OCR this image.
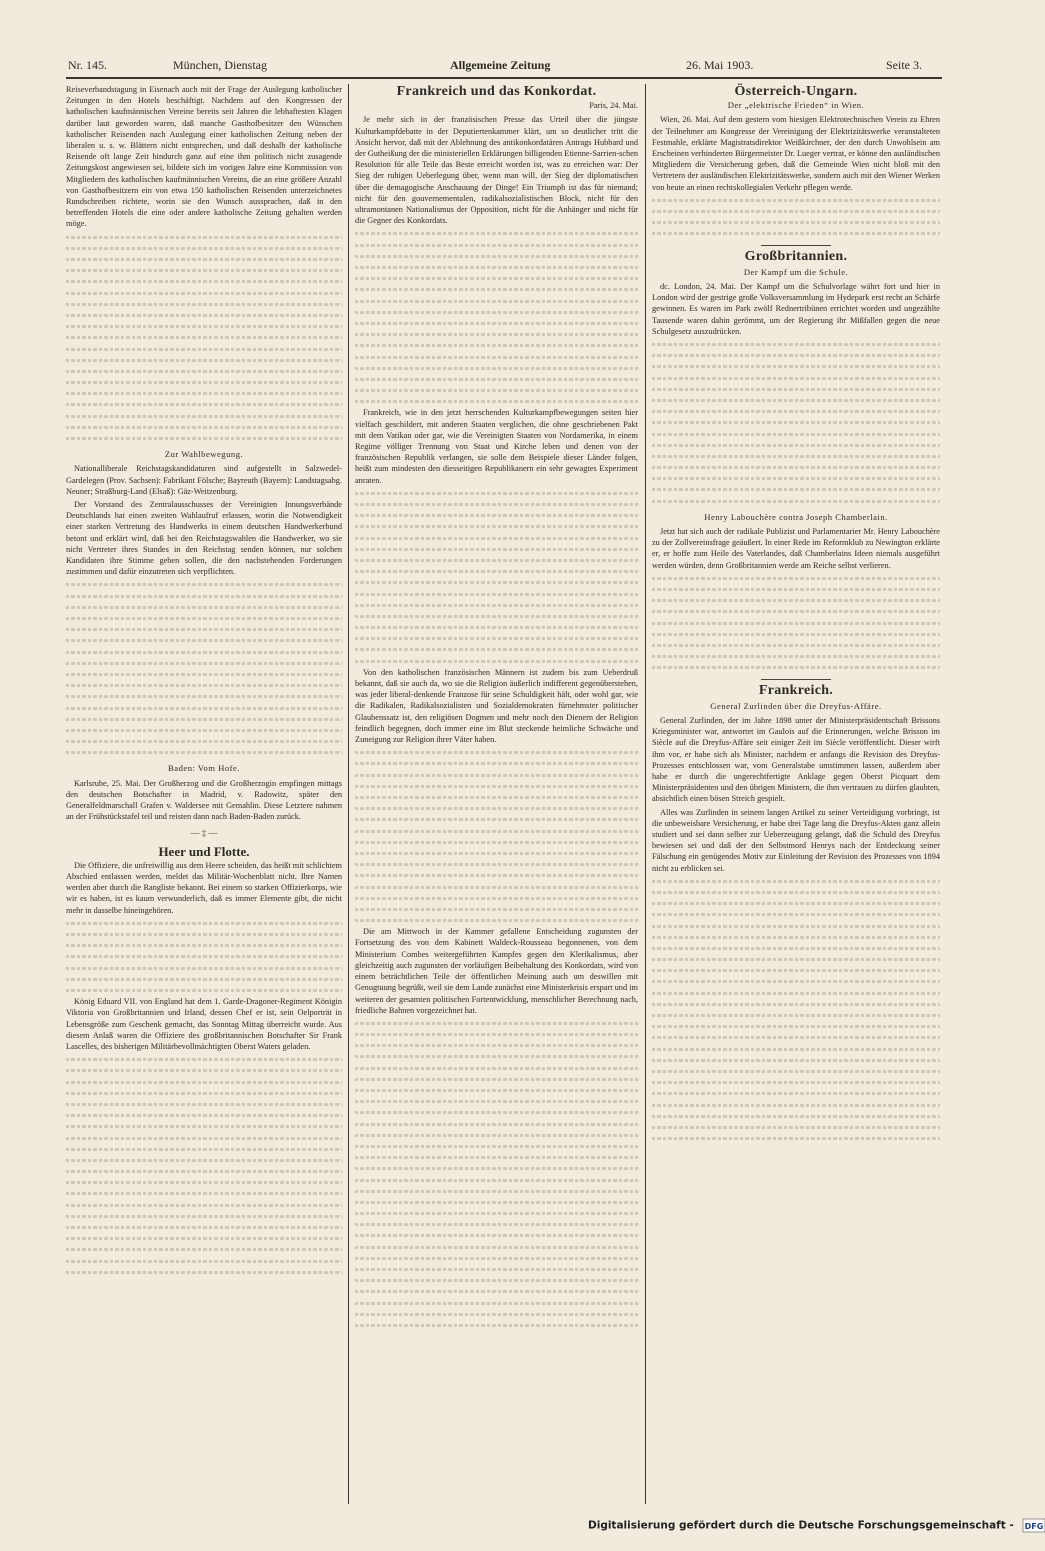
Nr. 145.	München, Dienstag	Allgemeine Zeitung	26. Mai 1903.	Seite 3.

Reiseverbandstagung in Eisenach auch mit der Frage der Auslegung katholischer Zeitungen in den Hotels beschäftigt. Nachdem auf den Kongressen der katholischen kaufmännischen Vereine bereits seit Jahren die lebhaftesten Klagen darüber laut geworden waren, daß manche Gasthofbesitzer den Wünschen katholischer Reisenden nach Auslegung einer katholischen Zeitung neben der liberalen u. s. w. Blättern nicht entsprechen, und daß deshalb der katholische Reisende oft lange Zeit hindurch ganz auf eine ihm politisch nicht zusagende Zeitungskost angewiesen sei, bildete sich im vorigen Jahre eine Kommission von Mitgliedern des katholischen kaufmännischen Vereins, die an eine größere Anzahl von Gasthofbesitzern ein von etwa 150 katholischen Reisenden unterzeichnetes Rundschreiben richtete, worin sie den Wunsch aussprachen, daß in den betreffenden Hotels die eine oder andere katholische Zeitung gehalten werden möge.

Zur Wahlbewegung.

Nationalliberale Reichstagskandidaturen sind aufgestellt in Salzwedel-Gardelegen (Prov. Sachsen): Fabrikant Fölsche; Bayreuth (Bayern): Landstagsabg. Neuner; Straßburg-Land (Elsaß): Gäz-Weitzenburg.

Der Vorstand des Zentralausschusses der Vereinigten Innungsverbände Deutschlands hat einen zweiten Wahlaufruf erlassen, worin die Notwendigkeit einer starken Vertretung des Handwerks in einem deutschen Handwerkerbund betont und erklärt wird, daß bei den Reichstagswahlen die Handwerker, wo sie nicht Vertreter ihres Standes in den Reichstag senden können, nur solchen Kandidaten ihre Stimme geben sollen, die den nachstehenden Forderungen zustimmen und dafür einzutreten sich verpflichten.

Baden: Vom Hofe.

Karlsruhe, 25. Mai. Der Großherzog und die Großherzogin empfingen mittags den deutschen Botschafter in Madrid, v. Radowitz, später den Generalfeldmarschall Grafen v. Waldersee mit Gemahlin. Diese Letztere nahmen an der Frühstückstafel teil und reisten dann nach Baden-Baden zurück.

— ‡ —
Heer und Flotte.

Die Offiziere, die unfreiwillig aus dem Heere scheiden, das heißt mit schlichtem Abschied entlassen werden, meldet das Militär-Wochenblatt nicht. Ihre Namen werden aber durch die Rangliste bekannt. Bei einem so starken Offizierkorps, wie wir es haben, ist es kaum verwunderlich, daß es immer Elemente gibt, die nicht mehr in dasselbe hineingehören.

König Eduard VII. von England hat dem 1. Garde-Dragoner-Regiment Königin Viktoria von Großbritannien und Irland, dessen Chef er ist, sein Oelporträt in Lebensgröße zum Geschenk gemacht, das Sonntag Mittag überreicht wurde. Aus diesem Anlaß waren die Offiziere des großbritannischen Botschafter Sir Frank Lascelles, des bisherigen Militärbevollmächtigten Oberst Waters geladen.

Frankreich und das Konkordat.
Paris, 24. Mai.

Je mehr sich in der französischen Presse das Urteil über die jüngste Kulturkampfdebatte in der Deputiertenkammer klärt, um so deutlicher tritt die Ansicht hervor, daß mit der Ablehnung des antikonkordatären Antrags Hubbard und der Gutheißung der die ministeriellen Erklärungen billigenden Etienne-Sarrien-schen Resolution für alle Teile das Beste erreicht worden ist, was zu erreichen war: Der Sieg der ruhigen Ueberlegung über, wenn man will, der Sieg der diplomatischen über die demagogische Anschauung der Dinge! Ein Triumph ist das für niemand; nicht für den gouvernementalen, radikalsozialistischen Block, nicht für den ultramontanen Nationalismus der Opposition, nicht für die Anhänger und nicht für die Gegner des Konkordats.

Frankreich, wie in den jetzt herrschenden Kulturkampfbewegungen seiten hier vielfach geschildert, mit anderen Staaten verglichen, die ohne geschriebenen Pakt mit dem Vatikan oder gar, wie die Vereinigten Staaten von Nordamerika, in einem Regime völliger Trennung von Staat und Kirche leben und denen von der französischen Republik verlangen, sie solle dem Beispiele dieser Länder folgen, heißt zum mindesten den diesseitigen Republikanern ein sehr gewagtes Experiment anraten.

Von den katholischen französischen Männern ist zudem bis zum Ueberdruß bekannt, daß sie auch da, wo sie die Religion äußerlich indifferent gegenüberstehen, was jeder liberal-denkende Franzose für seine Schuldigkeit hält, oder wohl gar, wie die Radikalen, Radikalsozialisten und Sozialdemokraten fürnehmster politischer Glaubenssatz ist, den religiösen Dogmen und mehr noch den Dienern der Religion feindlich begegnen, doch immer eine im Blut steckende heimliche Schwäche und Zuneigung zur Religion ihrer Väter haben.

Die am Mittwoch in der Kammer gefallene Entscheidung zugunsten der Fortsetzung des von dem Kabinett Waldeck-Rousseau begonnenen, von dem Ministerium Combes weitergeführten Kampfes gegen den Klerikalismus, aber gleichzeitig auch zugunsten der vorläufigen Beibehaltung des Konkordats, wird von einem beträchtlichen Teile der öffentlichen Meinung auch um deswillen mit Genugtuung begrüßt, weil sie dem Lande zunächst eine Ministerkrisis erspart und im weiteren der gesamten politischen Fortentwicklung, menschlicher Berechnung nach, friedliche Bahnen vorgezeichnet hat.

Österreich-Ungarn.
Der „elektrische Frieden“ in Wien.

Wien, 26. Mai. Auf dem gestern vom hiesigen Elektrotechnischen Verein zu Ehren der Teilnehmer am Kongresse der Vereinigung der Elektrizitätswerke veranstalteten Festmahle, erklärte Magistratsdirektor Weißkirchner, der den durch Unwohlsein am Erscheinen verhinderten Bürgermeister Dr. Lueger vertrat, er könne den ausländischen Mitgliedern die Versicherung geben, daß die Gemeinde Wien nicht bloß mit den Vertretern der ausländischen Elektrizitätswerke, sondern auch mit den Wiener Werken von heute an einen rechtskollegialen Verkehr pflegen werde.

Großbritannien.
Der Kampf um die Schule.

dc. London, 24. Mai. Der Kampf um die Schulvorlage währt fort und hier in London wird der gestrige große Volksversammlung im Hydepark erst recht an Schärfe gewinnen. Es waren im Park zwölf Rednertribünen errichtet worden und ungezählte Tausende waren dahin gerömmt, um der Regierung ihr Mißfallen gegen die neue Schulgesetz auszudrücken.

Henry Labouchère contra Joseph Chamberlain.

Jetzt hat sich auch der radikale Publizist und Parlamentarier Mr. Henry Labouchère zu der Zollvereinsfrage geäußert. In einer Rede im Reformklub zu Newington erklärte er, er hoffe zum Heile des Vaterlandes, daß Chamberlains Ideen niemals ausgeführt werden würden, denn Großbritannien werde am Reiche selbst verlieren.

Frankreich.
General Zurlinden über die Dreyfus-Affäre.

General Zurlinden, der im Jahre 1898 unter der Ministerpräsidentschaft Brissons Kriegsminister war, antwortet im Gaulois auf die Erinnerungen, welche Brisson im Siècle auf die Dreyfus-Affäre seit einiger Zeit im Siècle veröffentlicht. Dieser wirft ihm vor, er habe sich als Minister, nachdem er anfangs die Revision des Dreyfus-Prozesses entschlossen war, vom Generalstabe umstimmen lassen, außerdem aber habe er durch die ungerechtfertigte Anklage gegen Oberst Picquart dem Ministerpräsidenten und den übrigen Ministern, die ihm vertrauen zu dürfen glaubten, absichtlich einen bösen Streich gespielt.

Alles was Zurlinden in seinem langen Artikel zu seiner Verteidigung vorbringt, ist die unbeweisbare Versicherung, er habe drei Tage lang die Dreyfus-Akten ganz allein studiert und sei dann selber zur Ueberzeugung gelangt, daß die Schuld des Dreyfus bewiesen sei und daß der den Selbstmord Henrys nach der Entdeckung seiner Fälschung ein genügendes Motiv zur Einleitung der Revision des Prozesses von 1894 nicht zu erblicken sei.

Digitalisierung gefördert durch die Deutsche Forschungsgemeinschaft - DFG
